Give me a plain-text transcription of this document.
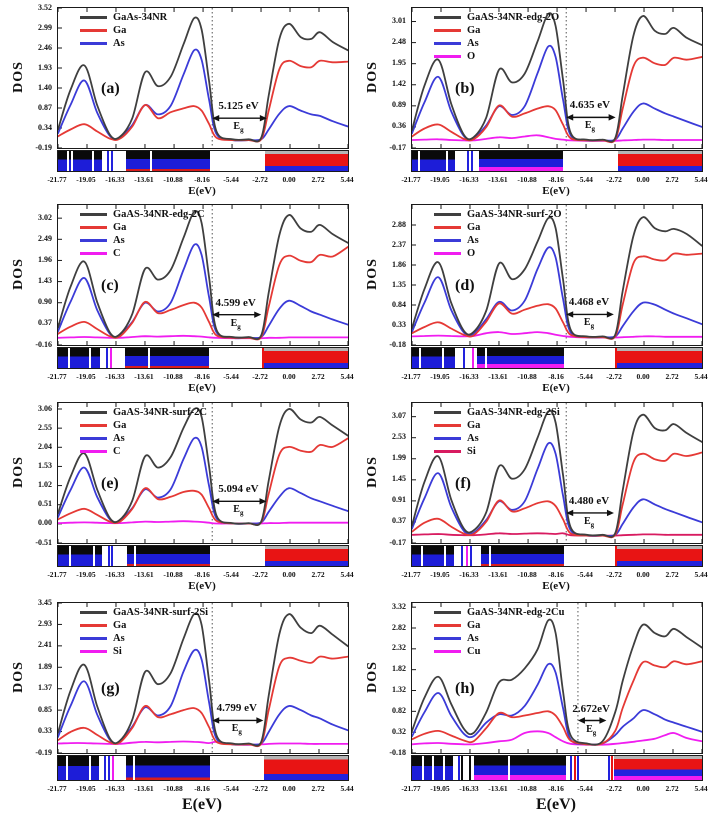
DOS
GaAs-34NR
Ga
As
(a)
5.125 eV
$E_g$
-21.77	-19.05	-16.33	-13.61	-10.88	-8.16	-5.44	-2.72	0.00	2.72	5.44
E(eV)
3.52
2.99
2.46
1.93
1.40
0.87
0.34
-0.19
DOS
GaAS-34NR-edg-2O
Ga
As
O
(b)
4.635 eV
$E_g$
-21.77	-19.05	-16.33	-13.61	-10.88	-8.16	-5.44	-2.72	0.00	2.72	5.44
E(eV)
3.01
2.48
1.95
1.42
0.89
0.36
-0.17
DOS
GaAS-34NR-edg-2C
Ga
As
C
(c)
4.599 eV
$E_g$
-21.77	-19.05	-16.33	-13.61	-10.88	-8.16	-5.44	-2.72	0.00	2.72	5.44
E(eV)
3.02
2.49
1.96
1.43
0.90
0.37
-0.16
DOS
GaAS-34NR-surf-2O
Ga
As
O
(d)
4.468 eV
$E_g$
-21.77	-19.05	-16.33	-13.61	-10.88	-8.16	-5.44	-2.72	0.00	2.72	5.44
E(eV)
2.88
2.37
1.86
1.35
0.84
0.33
-0.18
DOS
GaAS-34NR-surf-2C
Ga
As
C
(e)	5.094 eV
$E_g$
-21.77	-19.05	-16.33	-13.61	-10.88	-8.16	-5.44	-2.72	0.00	2.72	5.44
E(eV)
3.06
2.55
2.04
1.53
1.02
0.51
0.00
-0.51
DOS
GaAS-34NR-edg-2Si
Ga
As
Si
(f)
4.480 eV
$E_g$
-21.77	-19.05	-16.33	-13.61	-10.88	-8.16	-5.44	-2.72	0.00	2.72	5.44
E(eV)
3.07
2.53
1.99
1.45
0.91
0.37
-0.17
DOS
GaAS-34NR-surf-2Si
Ga
As
Si
(g)
4.799 eV
$E_g$
-21.77	-19.05	-16.33	-13.61	-10.88	-8.16	-5.44	-2.72	0.00	2.72	5.44
E(eV)
3.45
2.93
2.41
1.89
1.37
0.85
0.33
-0.19
DOS
GaAS-34NR-edg-2Cu
Ga
As
Cu
(h)
2.672eV
$E_g$
-21.77	-19.05	-16.33	-13.61	-10.88	-8.16	-5.44	-2.72	0.00	2.72	5.44
E(eV)
3.32
2.82
2.32
1.82
1.32
0.82
0.32
-0.18
